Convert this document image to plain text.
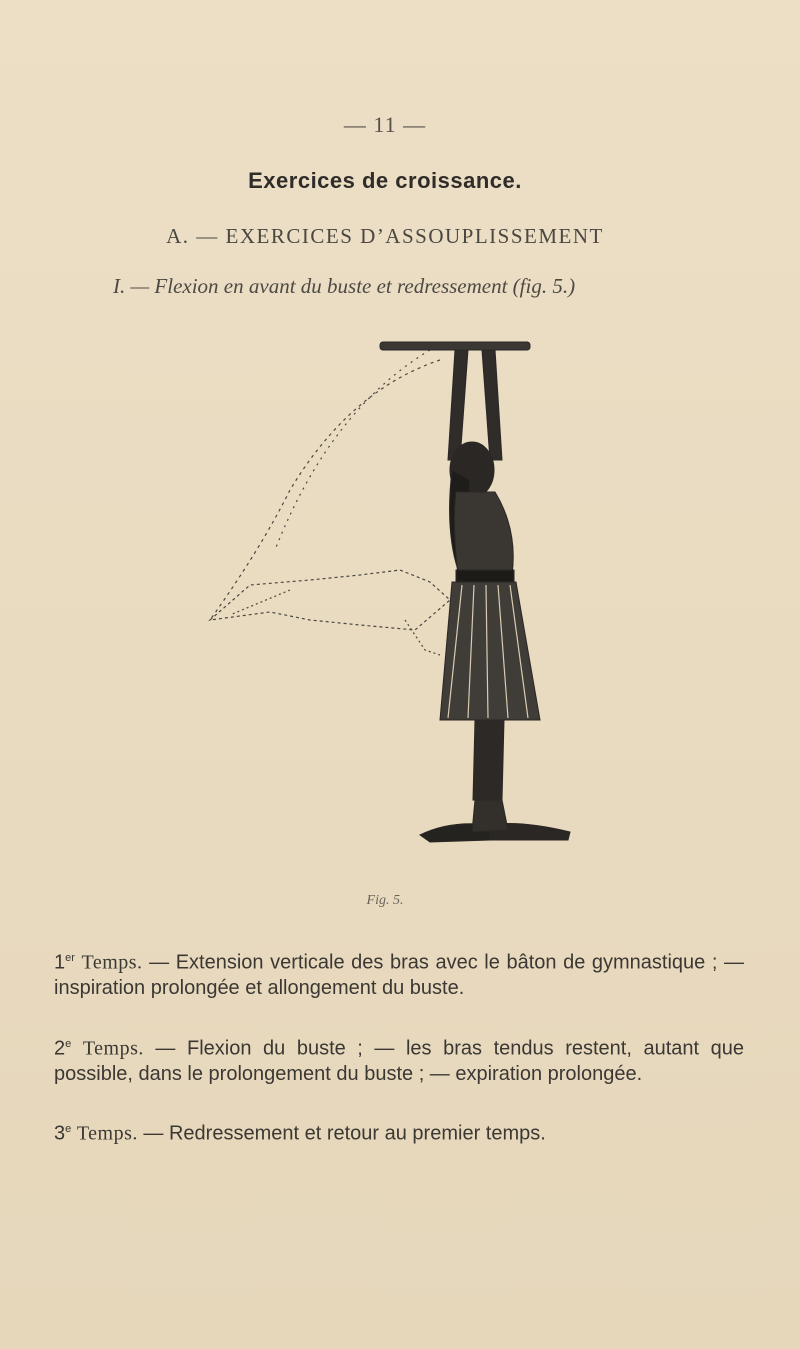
— 11 —
Exercices de croissance.
A. — EXERCICES D’ASSOUPLISSEMENT
I. — Flexion en avant du buste et redressement (fig. 5.)
Fig. 5.

1er Temps. — Extension verticale des bras avec le bâton de gymnastique ; — inspiration prolongée et allongement du buste.

2e Temps. — Flexion du buste ; — les bras tendus restent, autant que possible, dans le prolongement du buste ; — expiration prolongée.

3e Temps. — Redressement et retour au premier temps.
